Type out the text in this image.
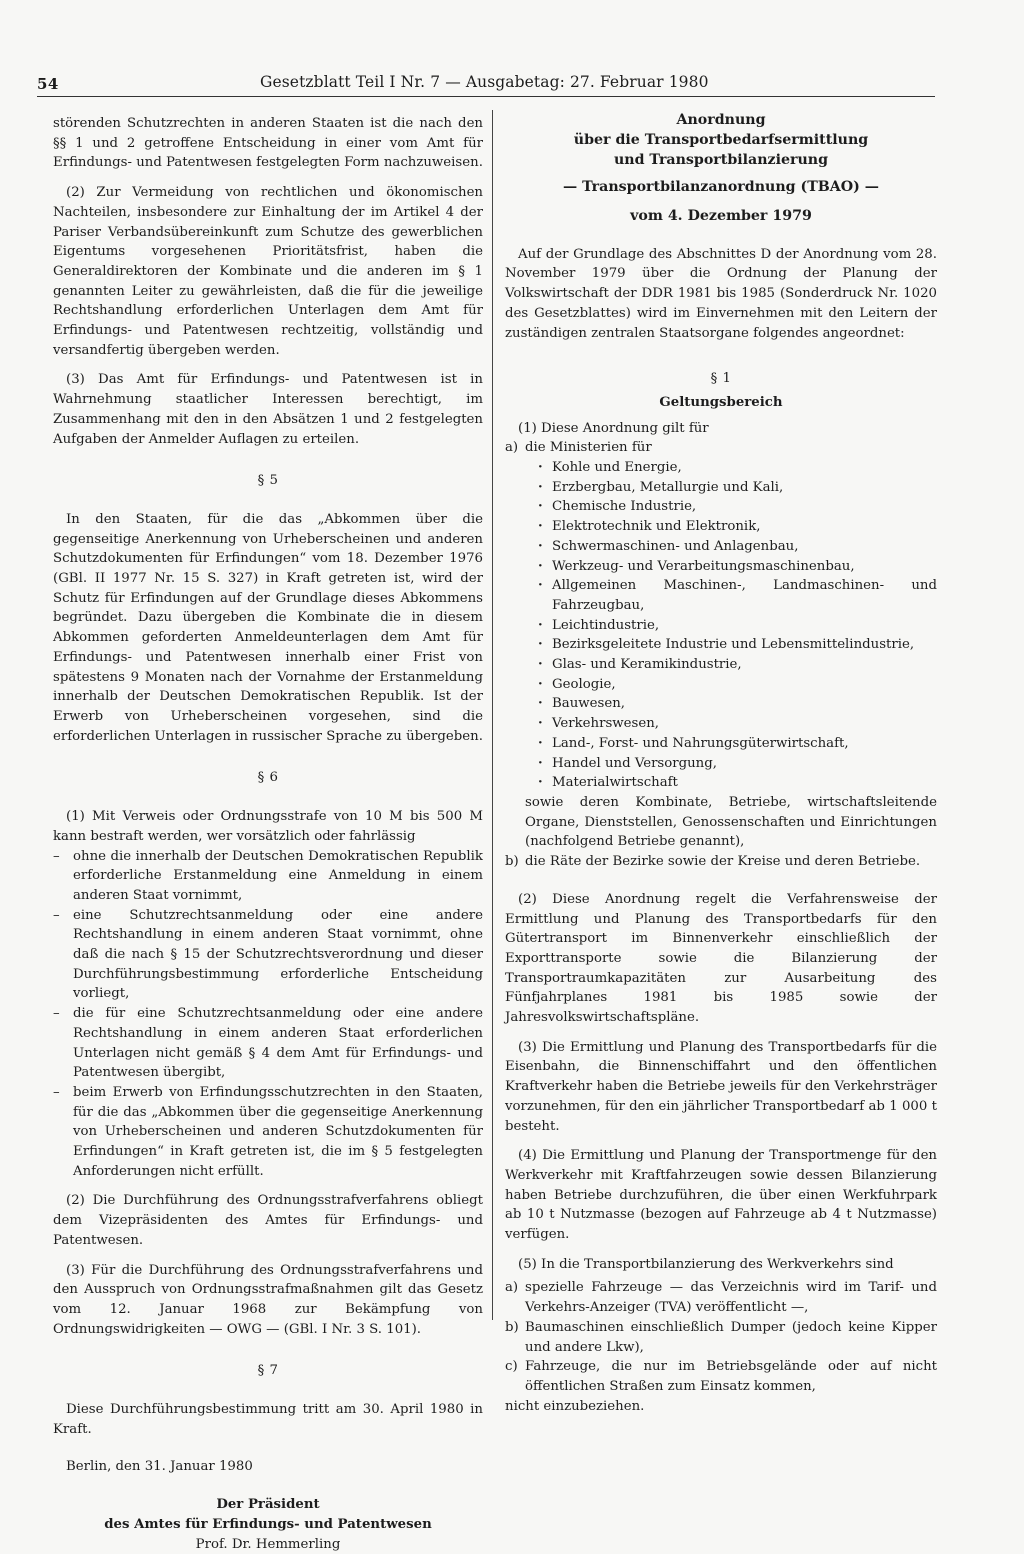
54	Gesetzblatt Teil I Nr. 7 — Ausgabetag: 27. Februar 1980

störenden Schutzrechten in anderen Staaten ist die nach den §§ 1 und 2 getroffene Entscheidung in einer vom Amt für Erfindungs- und Patentwesen festgelegten Form nachzuweisen.

(2) Zur Vermeidung von rechtlichen und ökonomischen Nachteilen, insbesondere zur Einhaltung der im Artikel 4 der Pariser Verbandsübereinkunft zum Schutze des gewerblichen Eigentums vorgesehenen Prioritätsfrist, haben die Generaldirektoren der Kombinate und die anderen im § 1 genannten Leiter zu gewährleisten, daß die für die jeweilige Rechtshandlung erforderlichen Unterlagen dem Amt für Erfindungs- und Patentwesen rechtzeitig, vollständig und versandfertig übergeben werden.

(3) Das Amt für Erfindungs- und Patentwesen ist in Wahrnehmung staatlicher Interessen berechtigt, im Zusammenhang mit den in den Absätzen 1 und 2 festgelegten Aufgaben der Anmelder Auflagen zu erteilen.

§ 5

In den Staaten, für die das „Abkommen über die gegenseitige Anerkennung von Urheberscheinen und anderen Schutzdokumenten für Erfindungen“ vom 18. Dezember 1976 (GBl. II 1977 Nr. 15 S. 327) in Kraft getreten ist, wird der Schutz für Erfindungen auf der Grundlage dieses Abkommens begründet. Dazu übergeben die Kombinate die in diesem Abkommen geforderten Anmeldeunterlagen dem Amt für Erfindungs- und Patentwesen innerhalb einer Frist von spätestens 9 Monaten nach der Vornahme der Erstanmeldung innerhalb der Deutschen Demokratischen Republik. Ist der Erwerb von Urheberscheinen vorgesehen, sind die erforderlichen Unterlagen in russischer Sprache zu übergeben.

§ 6

(1) Mit Verweis oder Ordnungsstrafe von 10 M bis 500 M kann bestraft werden, wer vorsätzlich oder fahrlässig

– ohne die innerhalb der Deutschen Demokratischen Republik erforderliche Erstanmeldung eine Anmeldung in einem anderen Staat vornimmt,
– eine Schutzrechtsanmeldung oder eine andere Rechtshandlung in einem anderen Staat vornimmt, ohne daß die nach § 15 der Schutzrechtsverordnung und dieser Durchführungsbestimmung erforderliche Entscheidung vorliegt,
– die für eine Schutzrechtsanmeldung oder eine andere Rechtshandlung in einem anderen Staat erforderlichen Unterlagen nicht gemäß § 4 dem Amt für Erfindungs- und Patentwesen übergibt,
– beim Erwerb von Erfindungsschutzrechten in den Staaten, für die das „Abkommen über die gegenseitige Anerkennung von Urheberscheinen und anderen Schutzdokumenten für Erfindungen“ in Kraft getreten ist, die im § 5 festgelegten Anforderungen nicht erfüllt.

(2) Die Durchführung des Ordnungsstrafverfahrens obliegt dem Vizepräsidenten des Amtes für Erfindungs- und Patentwesen.

(3) Für die Durchführung des Ordnungsstrafverfahrens und den Ausspruch von Ordnungsstrafmaßnahmen gilt das Gesetz vom 12. Januar 1968 zur Bekämpfung von Ordnungswidrigkeiten — OWG — (GBl. I Nr. 3 S. 101).

§ 7

Diese Durchführungsbestimmung tritt am 30. April 1980 in Kraft.

Berlin, den 31. Januar 1980

Der Präsident
des Amtes für Erfindungs- und Patentwesen
Prof. Dr. Hemmerling
Anordnung
über die Transportbedarfsermittlung
und Transportbilanzierung
— Transportbilanzanordnung (TBAO) —
vom 4. Dezember 1979

Auf der Grundlage des Abschnittes D der Anordnung vom 28. November 1979 über die Ordnung der Planung der Volkswirtschaft der DDR 1981 bis 1985 (Sonderdruck Nr. 1020 des Gesetzblattes) wird im Einvernehmen mit den Leitern der zuständigen zentralen Staatsorgane folgendes angeordnet:

§ 1
Geltungsbereich

(1) Diese Anordnung gilt für

a) die Ministerien für
· Kohle und Energie,
· Erzbergbau, Metallurgie und Kali,
· Chemische Industrie,
· Elektrotechnik und Elektronik,
· Schwermaschinen- und Anlagenbau,
· Werkzeug- und Verarbeitungsmaschinenbau,
· Allgemeinen Maschinen-, Landmaschinen- und Fahrzeugbau,
· Leichtindustrie,
· Bezirksgeleitete Industrie und Lebensmittelindustrie,
· Glas- und Keramikindustrie,
· Geologie,
· Bauwesen,
· Verkehrswesen,
· Land-, Forst- und Nahrungsgüterwirtschaft,
· Handel und Versorgung,
· Materialwirtschaft

sowie deren Kombinate, Betriebe, wirtschaftsleitende Organe, Dienststellen, Genossenschaften und Einrichtungen (nachfolgend Betriebe genannt),

b) die Räte der Bezirke sowie der Kreise und deren Betriebe.

(2) Diese Anordnung regelt die Verfahrensweise der Ermittlung und Planung des Transportbedarfs für den Gütertransport im Binnenverkehr einschließlich der Exporttransporte sowie die Bilanzierung der Transportraumkapazitäten zur Ausarbeitung des Fünfjahrplanes 1981 bis 1985 sowie der Jahresvolkswirtschaftspläne.

(3) Die Ermittlung und Planung des Transportbedarfs für die Eisenbahn, die Binnenschiffahrt und den öffentlichen Kraftverkehr haben die Betriebe jeweils für den Verkehrsträger vorzunehmen, für den ein jährlicher Transportbedarf ab 1 000 t besteht.

(4) Die Ermittlung und Planung der Transportmenge für den Werkverkehr mit Kraftfahrzeugen sowie dessen Bilanzierung haben Betriebe durchzuführen, die über einen Werkfuhrpark ab 10 t Nutzmasse (bezogen auf Fahrzeuge ab 4 t Nutzmasse) verfügen.

(5) In die Transportbilanzierung des Werkverkehrs sind

a) spezielle Fahrzeuge — das Verzeichnis wird im Tarif- und Verkehrs-Anzeiger (TVA) veröffentlicht —,
b) Baumaschinen einschließlich Dumper (jedoch keine Kipper und andere Lkw),
c) Fahrzeuge, die nur im Betriebsgelände oder auf nicht öffentlichen Straßen zum Einsatz kommen,

nicht einzubeziehen.
